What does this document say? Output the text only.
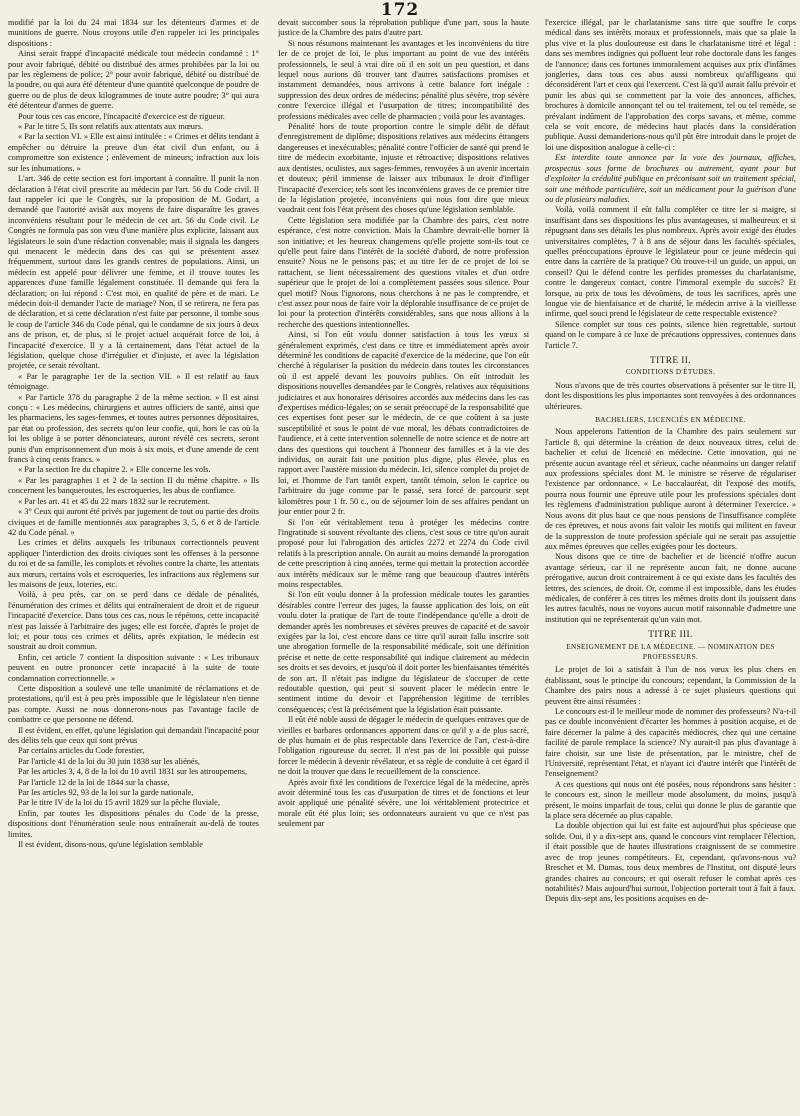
172

modifié par la loi du 24 mai 1834 sur les détenteurs d'armes et de munitions de guerre. Nous croyons utile d'en rappeler ici les principales dispositions :

Ainsi serait frappé d'incapacité médicale tout médecin condamné : 1° pour avoir fabriqué, débité ou distribué des armes prohibées par la loi ou par les règlemens de police; 2° pour avoir fabriqué, débité ou distribué de la poudre, ou qui aura été détenteur d'une quantité quelconque de poudre de guerre ou de plus de deux kilogrammes de toute autre poudre; 3° qui aura été détenteur d'armes de guerre.

Pour tous ces cas encore, l'incapacité d'exercice est de rigueur.

« Par le titre 5, Ils sont relatifs aux attentats aux mœurs.

« Par la section VI. » Elle est ainsi intitulée : « Crimes et délits tendant à empêcher ou détruire la preuve d'un état civil d'un enfant, ou à compromettre son existence ; enlèvement de mineurs; infraction aux lois sur les inhumations. »

L'art. 346 de cette section est fort important à connaître. Il punit la non déclaration à l'état civil prescrite au médecin par l'art. 56 du Code civil. Il faut rappeler ici que le Congrès, sur la proposition de M. Godart, a demandé que l'autorité avisât aux moyens de faire disparaître les graves inconvéniens résultant pour le médecin de cet art. 56 du Code civil. Le Congrès ne formula pas son vœu d'une manière plus explicite, laissant aux législateurs le soin d'une rédaction convenable; mais il signala les dangers qui menacent le médecin dans des cas qui se présentent assez fréquemment, surtout dans les grands centres de populations. Ainsi, un médecin est appelé pour délivrer une femme, et il trouve toutes les apparences d'une famille légalement constituée. Il demande qui fera la déclaration; on lui répond : C'est moi, en qualité de père et de mari. Le médecin doit-il demander l'acte de mariage? Non, il se retirera, ne fera pas de déclaration, et si cette déclaration n'est faite par personne, il tombe sous le coup de l'article 346 du Code pénal, qui le condamne de six jours à deux ans de prison, et, de plus, si le projet actuel acquérait force de loi, à l'incapacité d'exercice. Il y a là certainement, dans l'état actuel de la législation, quelque chose d'irrégulier et d'injuste, et avec la législation projetée, ce serait révoltant.

« Par le paragraphe 1er de la section VII. » Il est relatif au faux témoignage.

« Par l'article 378 du paragraphe 2 de la même section. » Il est ainsi conçu : « Les médecins, chirurgiens et autres officiers de santé, ainsi que les pharmaciens, les sages-femmes, et toutes autres personnes dépositaires, par état ou profession, des secrets qu'on leur confie, qui, hors le cas où la loi les oblige à se porter dénonciateurs, auront révélé ces secrets, seront punis d'un emprisonnement d'un mois à six mois, et d'une amende de cent francs à cinq cents francs. »

« Par la section Ire du chapitre 2. » Elle concerne les vols.

« Par les paragraphes 1 et 2 de la section II du même chapitre. » Ils concernent les banqueroutes, les escroqueries, les abus de confiance.

« Par les art. 41 et 45 du 22 mars 1832 sur le recrutement.

« 3° Ceux qui auront été privés par jugement de tout ou partie des droits civiques et de famille mentionnés aux paragraphes 3, 5, 6 et 8 de l'article 42 du Code pénal. »

Les crimes et délits auxquels les tribunaux correctionnels peuvent appliquer l'interdiction des droits civiques sont les offenses à la personne du roi et de sa famille, les complots et révoltes contre la charte, les attentats aux mœurs, certains vols et escroqueries, les infractions aux règlemens sur les maisons de jeux, loteries, etc.

Voilà, à peu près, car on se perd dans ce dédale de pénalités, l'énumération des crimes et délits qui entraîneraient de droit et de rigueur l'incapacité d'exercice. Dans tous ces cas, nous le répétons, cette incapacité n'est pas laissée à l'arbitraire des juges; elle est forcée, d'après le projet de loi; et pour tous ces crimes et délits, après expiation, le médecin est soustrait au droit commun.

Enfin, cet article 7 contient la disposition suivante : « Les tribunaux peuvent en outre prononcer cette incapacité à la suite de toute condamnation correctionnelle. »

Cette disposition a soulevé une telle unanimité de réclamations et de protestations, qu'il est à peu près impossible que le législateur n'en tienne pas compte. Aussi ne nous donnerons-nous pas l'avantage facile de combattre ce que personne ne défend.

Il est évident, en effet, qu'une législation qui demandait l'incapacité pour des délits tels que ceux qui sont prévus

Par certains articles du Code forestier,

Par l'article 41 de la loi du 30 juin 1838 sur les aliénés,

Par les articles 3, 4, 8 de la loi du 10 avril 1831 sur les attroupemens,

Par l'article 12 de la loi de 1844 sur la chasse,

Par les articles 92, 93 de la loi sur la garde nationale,

Par le titre IV de la loi du 15 avril 1829 sur la pêche fluviale,

Enfin, par toutes les dispositions pénales du Code de la presse, dispositions dont l'énumération seule nous entraînerait au-delà de toutes limites.

Il est évident, disons-nous, qu'une législation semblable

devait succomber sous la réprobation publique d'une part, sous la haute justice de la Chambre des pairs d'autre part.

Si nous résumons maintenant les avantages et les inconvéniens du titre Ier de ce projet de loi, le plus important au point de vue des intérêts professionnels, le seul à vrai dire où il en soit un peu question, et dans lequel nous aurions dû trouver tant d'autres satisfactions promises et instamment demandées, nous arrivons à cette balance fort inégale : suppression des deux ordres de médecins; pénalité plus sévère, trop sévère contre l'exercice illégal et l'usurpation de titres; incompatibilité des professions médicales avec celle de pharmacien ; voilà pour les avantages.

Pénalité hors de toute proportion contre le simple délit de défaut d'enregistrement de diplôme; dispositions relatives aux médecins étrangers dangereuses et inexécutables; pénalité contre l'officier de santé qui prend le titre de médecin exorbitante, injuste et rétroactive; dispositions relatives aux dentistes, oculistes, aux sages-femmes, renvoyées à un avenir incertain et douteux; péril immense de laisser aux tribunaux le droit d'infliger l'incapacité d'exercice; tels sont les inconvéniens graves de ce premier titre de la législation projetée, inconvéniens qui nous font dire que mieux vaudrait cent fois l'état présent des choses qu'une législation semblable.

Cette législation sera modifiée par la Chambre des pairs, c'est notre espérance, c'est notre conviction. Mais la Chambre devrait-elle borner là son initiative; et les heureux changemens qu'elle projette sont-ils tout ce qu'elle peut faire dans l'intérêt de la société d'abord, de notre profession ensuite? Nous ne le pensons pas; et au titre Ier de ce projet de loi se rattachent, se lient nécessairement des questions vitales et d'un ordre supérieur que le projet de loi a complètement passées sous silence. Pour quel motif? Nous l'ignorons, nous cherchons à ne pas le comprendre, et c'est assez pour nous de faire voir la déplorable insuffisance de ce projet de loi pour la protection d'intérêts considérables, sans que nous allions à la recherche des questions intentionnelles.

Ainsi, si l'on eût voulu donner satisfaction à tous les vœux si généralement exprimés, c'est dans ce titre et immédiatement après avoir déterminé les conditions de capacité d'exercice de la médecine, que l'on eût cherché à régulariser la position du médecin dans toutes les circonstances où il est appelé devant les pouvoirs publics. On eût introduit les dispositions nouvelles demandées par le Congrès, relatives aux réquisitions judiciaires et aux honoraires dérisoires accordés aux médecins dans les cas d'expertises médico-légales; on se serait préoccupé de la responsabilité que ces expertises font peser sur le médecin, de ce que coûtent à sa juste susceptibilité et sous le point de vue moral, les débats contradictoires de l'audience, et à cette intervention solennelle de notre science et de notre art dans des questions qui touchent à l'honneur des familles et à la vie des individus, on aurait fait une position plus digne, plus élevée, plus en rapport avec l'austère mission du médecin. Ici, silence complet du projet de loi, et l'homme de l'art tantôt expert, tantôt témoin, selon le caprice ou l'arbitraire du juge comme par le passé, sera forcé de parcourir sept kilomètres pour 1 fr. 50 c., ou de séjourner loin de ses affaires pendant un jour entier pour 2 fr.

Si l'on eût véritablement tenu à protéger les médecins contre l'ingratitude si souvent révoltante des cliens, c'est sous ce titre qu'on aurait proposé pour lui l'abrogation des articles 2272 et 2274 du Code civil relatifs à la prescription annale. On aurait au moins demandé la prorogation de cette prescription à cinq années, terme qui mettait la protection accordée aux intérêts médicaux sur le même rang que beaucoup d'autres intérêts moins respectables.

Si l'on eût voulu donner à la profession médicale toutes les garanties désirables contre l'erreur des juges, la fausse application des lois, on eût voulu doter la pratique de l'art de toute l'indépendance qu'elle a droit de demander après les nombreuses et sévères preuves de capacité et de savoir exigées par la loi, c'est encore dans ce titre qu'il aurait fallu inscrire soit une abrogation formelle de la responsabilité médicale, soit une définition précise et nette de cette responsabilité qui indique clairement au médecin ses droits et ses devoirs, et jusqu'où il doit porter les bienfaisantes témérités de son art. Il n'était pas indigne du législateur de s'occuper de cette redoutable question, qui peut si souvent placer le médecin entre le sentiment intime du devoir et l'appréhension légitime de terribles conséquences; c'est là précisément que la législation était puissante.

Il eût été noble aussi de dégager le médecin de quelques entraves que de vieilles et barbares ordonnances apportent dans ce qu'il y a de plus sacré, de plus humain et de plus respectable dans l'exercice de l'art, c'est-à-dire l'obligation rigoureuse du secret. Il n'est pas de loi possible qui puisse forcer le médecin à devenir révélateur, et sa règle de conduite à cet égard il ne doit la trouver que dans le recueillement de la conscience.

Après avoir fixé les conditions de l'exercice légal de la médecine, après avoir déterminé tous les cas d'usurpation de titres et de fonctions et leur avoir appliqué une pénalité sévère, une loi véritablement protectrice et morale eût été plus loin; ses ordonnateurs auraient vu que ce n'est pas seulement par

l'exercice illégal, par le charlatanisme sans titre que souffre le corps médical dans ses intérêts moraux et professionnels, mais que sa plaie la plus vive et la plus douloureuse est dans le charlatanisme titré et légal : dans ses membres indignes qui polluent leur robe doctorale dans les fanges de l'annonce; dans ces fortunes immoralement acquises aux prix d'infâmes jongleries, dans tous ces abus aussi nombreux qu'affligeans qui déconsidèrent l'art et ceux qui l'exercent. C'est là qu'il aurait fallu prévoir et punir les abus qui se commettent par la voie des annonces, affiches, brochures à domicile annonçant tel ou tel traitement, tel ou tel remède, se prévalant indûment de l'approbation des corps savans, et même, comme cela se voit encore, de médecins haut placés dans la considération publique. Aussi demanderions-nous qu'il pût être introduit dans le projet de loi une disposition analogue à celle-ci :

Est interdite toute annonce par la voie des journaux, affiches, prospectus sous forme de brochures ou autrement, ayant pour but d'exploiter la crédulité publique en préconisant soit un traitement spécial, soit une méthode particulière, soit un médicament pour la guérison d'une ou de plusieurs maladies.

Voilà, voilà comment il eût fallu compléter ce titre Ier si maigre, si insuffisant dans ses dispositions les plus avantageuses, si malheureux et si répugnant dans ses détails les plus nombreux. Après avoir exigé des études universitaires complètes, 7 à 8 ans de séjour dans les facultés spéciales, quelles préoccupations éprouve le législateur pour ce jeune médecin qui entre dans la carrière de la pratique? Où trouve-t-il un guide, un appui, un conseil? Qui le défend contre les perfides promesses du charlatanisme, contre le dangereux contact, contre l'immoral exemple du succès? Et lorsque, au prix de tous les dévoûmens, de tous les sacrifices, après une longue vie de bienfaisance et de charité, le médecin arrive à la vieillesse infirme, quel souci prend le législateur de cette respectable existence?

Silence complet sur tous ces points, silence bien regrettable, surtout quand on le compare à ce luxe de précautions oppressives, contenues dans l'article 7.

TITRE II.
CONDITIONS D'ÉTUDES.

Nous n'avons que de très courtes observations à présenter sur le titre II, dont les dispositions les plus importantes sont renvoyées à des ordonnances ultérieures.

BACHELIERS, LICENCIÉS EN MÉDECINE.

Nous appelerons l'attention de la Chambre des pairs seulement sur l'article 8, qui détermine la création de deux nouveaux titres, celui de bachelier et celui de licencié en médecine. Cette innovation, qui ne présente aucun avantage réel et sérieux, cache néanmoins un danger relatif aux professions spéciales dont M. le ministre se réserve de régulariser l'existence par ordonnance. « Le baccalauréat, dit l'exposé des motifs, pourra nous fournir une épreuve utile pour les professions spéciales dont les règlemens d'administration publique auront à déterminer l'exercice. » Nous avons dit plus haut ce que nous pensions de l'insuffisance complète de ces épreuves, et nous avons fait valoir les motifs qui militent en faveur de la suppression de toute profession spéciale qui ne serait pas assujettie aux mêmes épreuves que celles exigées pour les docteurs.

Nous disons que ce titre de bachelier et de licencié n'offre aucun avantage sérieux, car il ne représente aucun fait, ne donne aucune prérogative, aucun droit contrairement à ce qui existe dans les facultés des lettres, des sciences, de droit. Or, comme il est impossible, dans les études médicales, de conférer à ces titres les mêmes droits dont ils jouissent dans les autres facultés, nous ne voyons aucun motif raisonnable d'admettre une institution qui ne représenterait qu'un vain mot.

TITRE III.
ENSEIGNEMENT DE LA MÉDECINE. — NOMINATION DES PROFESSEURS.

Le projet de loi a satisfait à l'un de nos vœux les plus chers en établissant, sous le principe du concours; cependant, la Commission de la Chambre des pairs nous a adressé à ce sujet plusieurs questions qui peuvent être ainsi résumées :

Le concours est-il le meilleur mode de nommer des professeurs? N'a-t-il pas ce double inconvénient d'écarter les hommes à position acquise, et de faire décerner la palme à des capacités médiocres, chez qui une certaine facilité de parole remplace la science? N'y aurait-il pas plus d'avantage à faire choisir, sur une liste de présentation, par le ministre, chef de l'Université, représentant l'état, et n'ayant ici d'autre intérêt que l'intérêt de l'enseignement?

A ces questions qui nous ont été posées, nous répondrons sans hésiter : le concours est, sinon le meilleur mode absolument, du moins, jusqu'à présent, le moins imparfait de tous, celui qui donne le plus de garantie que la place sera décernée au plus capable.

La double objection qui lui est faite est aujourd'hui plus spécieuse que solide. Oui, il y a dix-sept ans, quand le concours vint remplacer l'élection, il était possible que de hautes illustrations craignissent de se commettre avec de trop jeunes compétiteurs. Et, cependant, qu'avons-nous vu? Breschet et M. Dumas, tous deux membres de l'Institut, ont disputé leurs grandes chaires au concours; et qui oserait refuser le combat après ces notabilités? Mais aujourd'hui surtout, l'objection porterait tout à fait à faux. Depuis dix-sept ans, les positions acquises en de-
